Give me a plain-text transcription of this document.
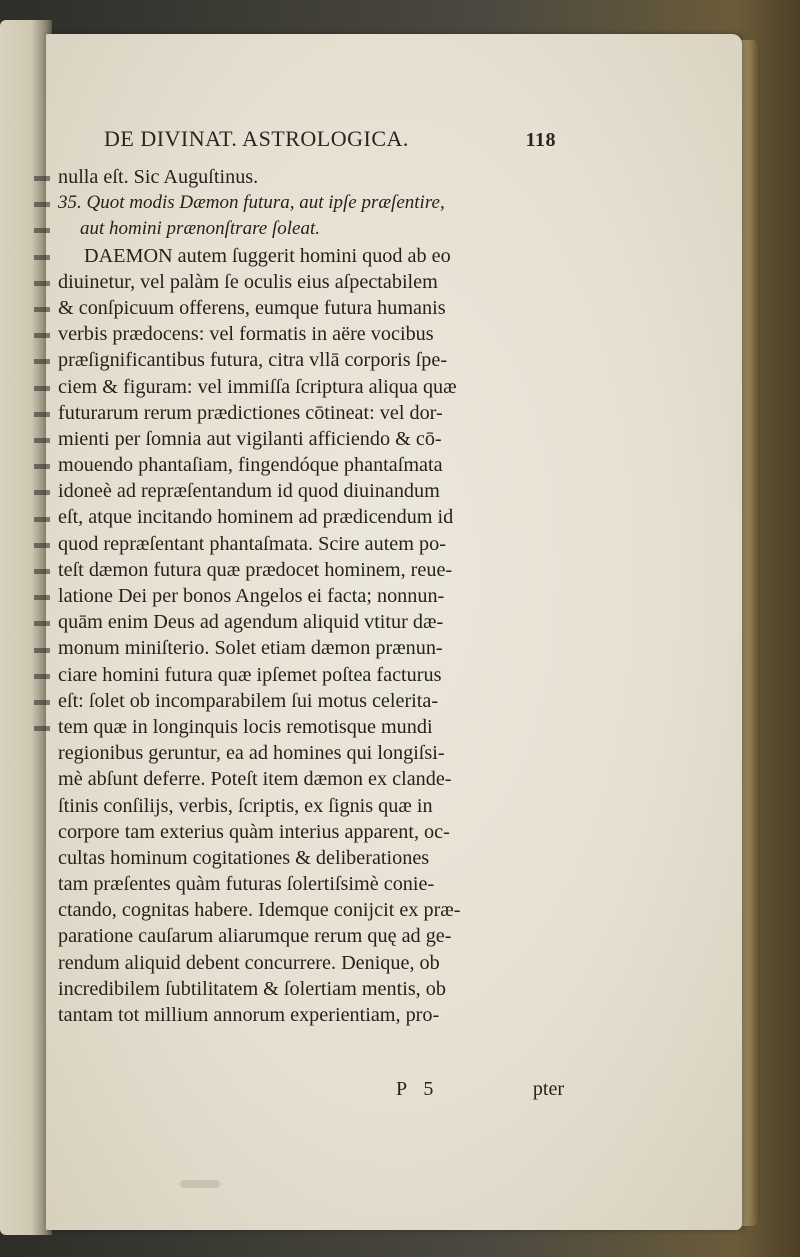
DE DIVINAT. ASTROLOGICA.	118
nulla eſt. Sic Auguſtinus.
35. Quot modis Dæmon futura, aut ipſe præſentire,
aut homini prænonſtrare ſoleat.
DAEMON autem ſuggerit homini quod ab eo
diuinetur, vel palàm ſe oculis eius aſpectabilem
& conſpicuum offerens, eumque futura humanis
verbis prædocens: vel formatis in aëre vocibus
præſignificantibus futura, citra vllā corporis ſpe-
ciem & figuram: vel immiſſa ſcriptura aliqua quæ
futurarum rerum prædictiones cōtineat: vel dor-
mienti per ſomnia aut vigilanti afficiendo & cō-
mouendo phantaſiam, fingendóque phantaſmata
idoneè ad repræſentandum id quod diuinandum
eſt, atque incitando hominem ad prædicendum id
quod repræſentant phantaſmata. Scire autem po-
teſt dæmon futura quæ prædocet hominem, reue-
latione Dei per bonos Angelos ei facta; nonnun-
quām enim Deus ad agendum aliquid vtitur dæ-
monum miniſterio. Solet etiam dæmon prænun-
ciare homini futura quæ ipſemet poſtea facturus
eſt: ſolet ob incomparabilem ſui motus celerita-
tem quæ in longinquis locis remotisque mundi
regionibus geruntur, ea ad homines qui longiſsi-
mè abſunt deferre. Poteſt item dæmon ex clande-
ſtinis conſilijs, verbis, ſcriptis, ex ſignis quæ in
corpore tam exterius quàm interius apparent, oc-
cultas hominum cogitationes & deliberationes
tam præſentes quàm futuras ſolertiſsimè conie-
ctando, cognitas habere. Idemque conijcit ex præ-
paratione cauſarum aliarumque rerum quę ad ge-
rendum aliquid debent concurrere. Denique, ob
incredibilem ſubtilitatem & ſolertiam mentis, ob
tantam tot millium annorum experientiam, pro-
P 5	pter
